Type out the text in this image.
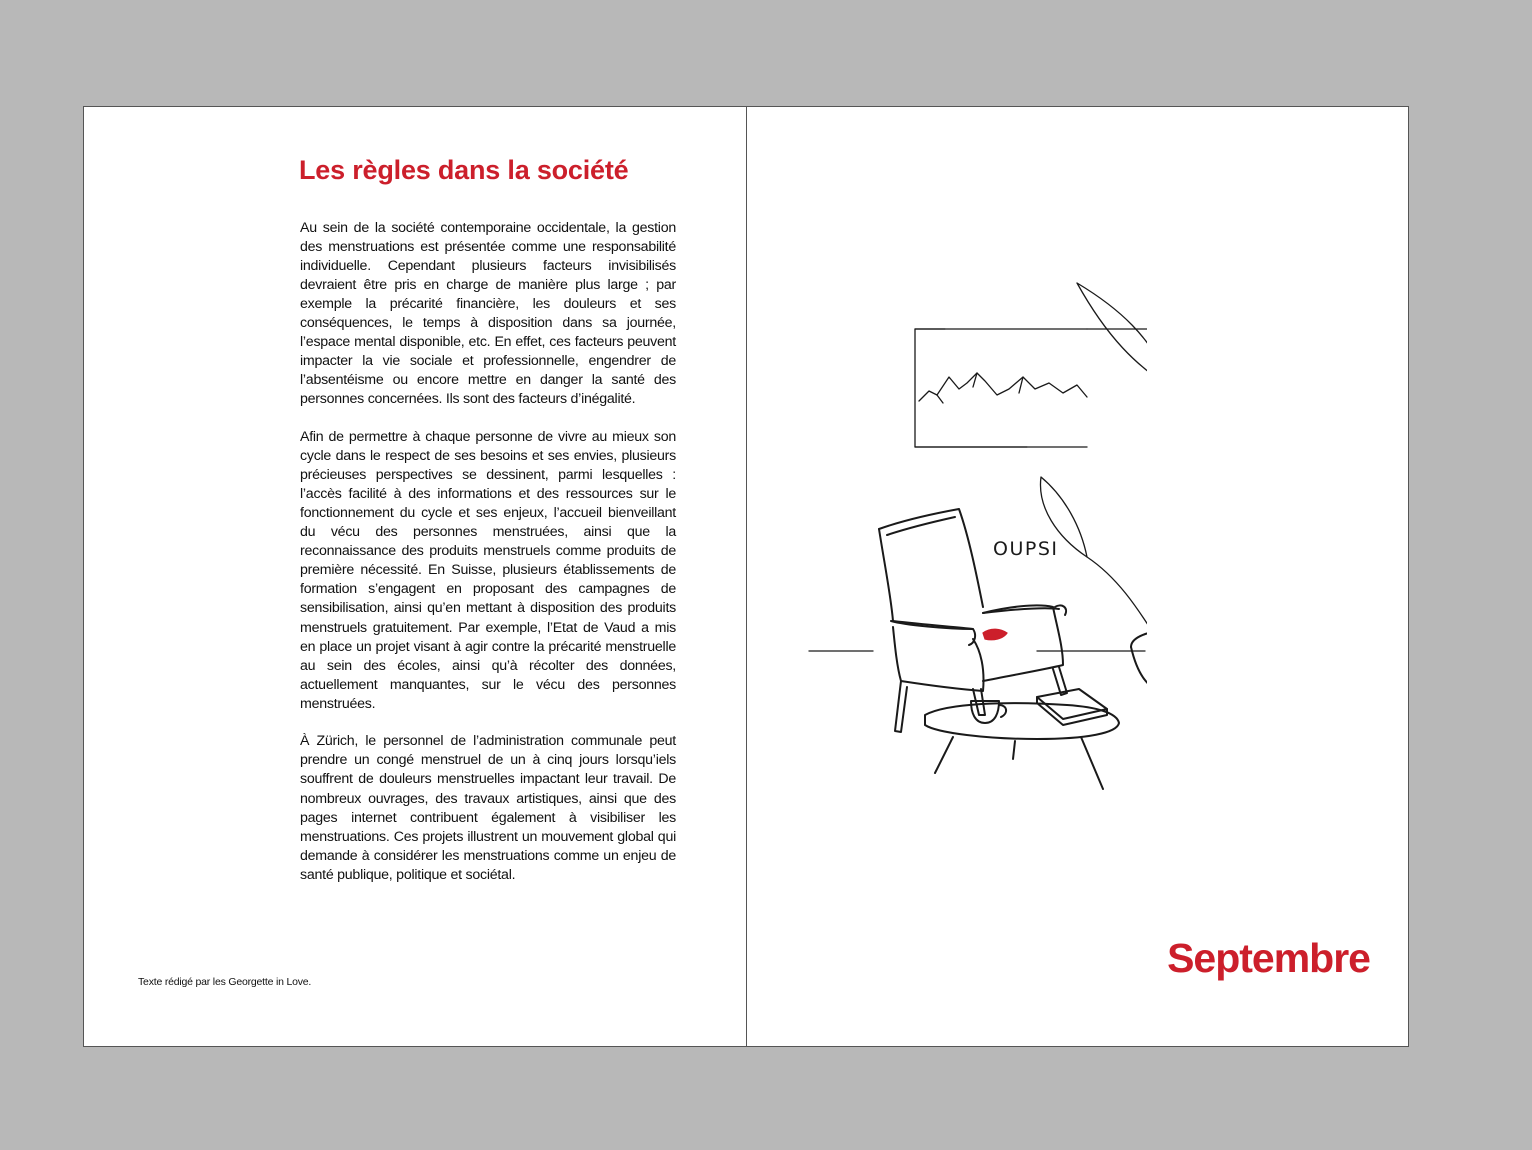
Les règles dans la société

Au sein de la société contemporaine occidentale, la gestion des menstruations est présentée comme une responsabilité individuelle. Cependant plusieurs facteurs invisibilisés devraient être pris en charge de manière plus large ; par exemple la précarité financière, les douleurs et ses conséquences, le temps à disposition dans sa journée, l’espace mental disponible, etc. En effet, ces facteurs peuvent impacter la vie sociale et professionnelle, engendrer de l’absentéisme ou encore mettre en danger la santé des personnes concernées. Ils sont des facteurs d’inégalité.

Afin de permettre à chaque personne de vivre au mieux son cycle dans le respect de ses besoins et ses envies, plusieurs précieuses perspectives se dessinent, parmi lesquelles : l’accès facilité à des informations et des ressources sur le fonctionnement du cycle et ses enjeux, l’accueil bienveillant du vécu des personnes menstruées, ainsi que la reconnaissance des produits menstruels comme produits de première nécessité. En Suisse, plusieurs établissements de formation s’engagent en proposant des campagnes de sensibilisation, ainsi qu’en mettant à disposition des produits menstruels gratuitement. Par exemple, l’Etat de Vaud a mis en place un projet visant à agir contre la précarité menstruelle au sein des écoles, ainsi qu’à récolter des données, actuellement manquantes, sur le vécu des personnes menstruées.

À Zürich, le personnel de l’administration communale peut prendre un congé menstruel de un à cinq jours lorsqu’iels souffrent de douleurs menstruelles impactant leur travail. De nombreux ouvrages, des travaux artistiques, ainsi que des pages internet contribuent également à visibiliser les menstruations. Ces projets illustrent un mouvement global qui demande à considérer les menstruations comme un enjeu de santé publique, politique et sociétal.

Texte rédigé par les Georgette in Love.
OUPSI
Septembre
